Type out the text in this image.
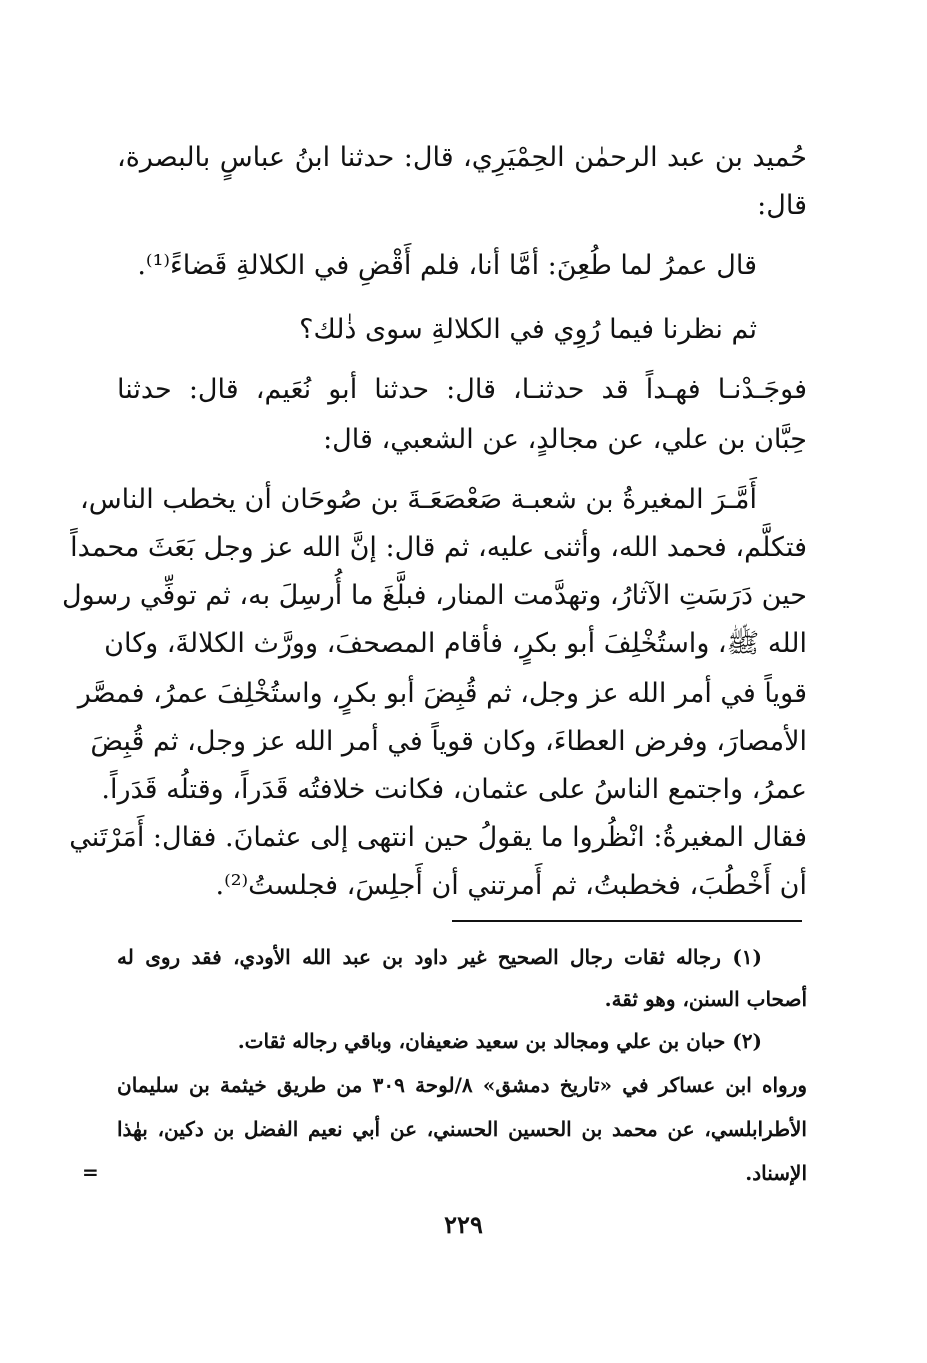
حُميد بن عبد الرحمٰن الحِمْيَرِي، قال: حدثنا ابنُ عباسٍ بالبصرة،
قال:
قال عمرُ لما طُعِنَ: أمَّا أنا، فلم أَقْضِ في الكلالةِ قَضاءً⁽¹⁾.
ثم نظرنا فيما رُوِي في الكلالةِ سوى ذٰلك؟
فوجَـدْنـا فهـداً قد حدثنـا، قال: حدثنا أبو نُعَيم، قال: حدثنا
حِبَّان بن علي، عن مجالدٍ، عن الشعبي، قال:
أَمَّـرَ المغيرةُ بن شعبـة صَعْصَعَـةَ بن صُوحَان أن يخطب الناس،
فتكلَّم، فحمد الله، وأثنى عليه، ثم قال: إنَّ الله عز وجل بَعَثَ محمداً
حين دَرَسَتِ الآثارُ، وتهدَّمت المنار، فبلَّغَ ما أُرسِلَ به، ثم توفِّي رسول
الله ﷺ، واستُخْلِفَ أبو بكرٍ، فأقام المصحفَ، وورَّث الكلالةَ، وكان
قوياً في أمر الله عز وجل، ثم قُبِضَ أبو بكرٍ، واستُخْلِفَ عمرُ، فمصَّر
الأمصارَ، وفرض العطاءَ، وكان قوياً في أمر الله عز وجل، ثم قُبِضَ
عمرُ، واجتمع الناسُ على عثمان، فكانت خلافتُه قَدَراً، وقتلُه قَدَراً.
فقال المغيرةُ: انْظُروا ما يقولُ حين انتهى إلى عثمانَ. فقال: أَمَرْتَني
أن أَخْطُبَ، فخطبتُ، ثم أَمرتني أن أَجلِسَ، فجلستُ⁽²⁾.
(١) رجاله ثقات رجال الصحيح غير داود بن عبد الله الأودي، فقد روى له
أصحاب السنن، وهو ثقة.
(٢) حبان بن علي ومجالد بن سعيد ضعيفان، وباقي رجاله ثقات.
ورواه ابن عساكر في «تاريخ دمشق» ٨/لوحة ٣٠٩ من طريق خيثمة بن سليمان
الأطرابلسي، عن محمد بن الحسين الحسني، عن أبي نعيم الفضل بن دكين، بهٰذا
الإسناد.
=
٢٢٩
